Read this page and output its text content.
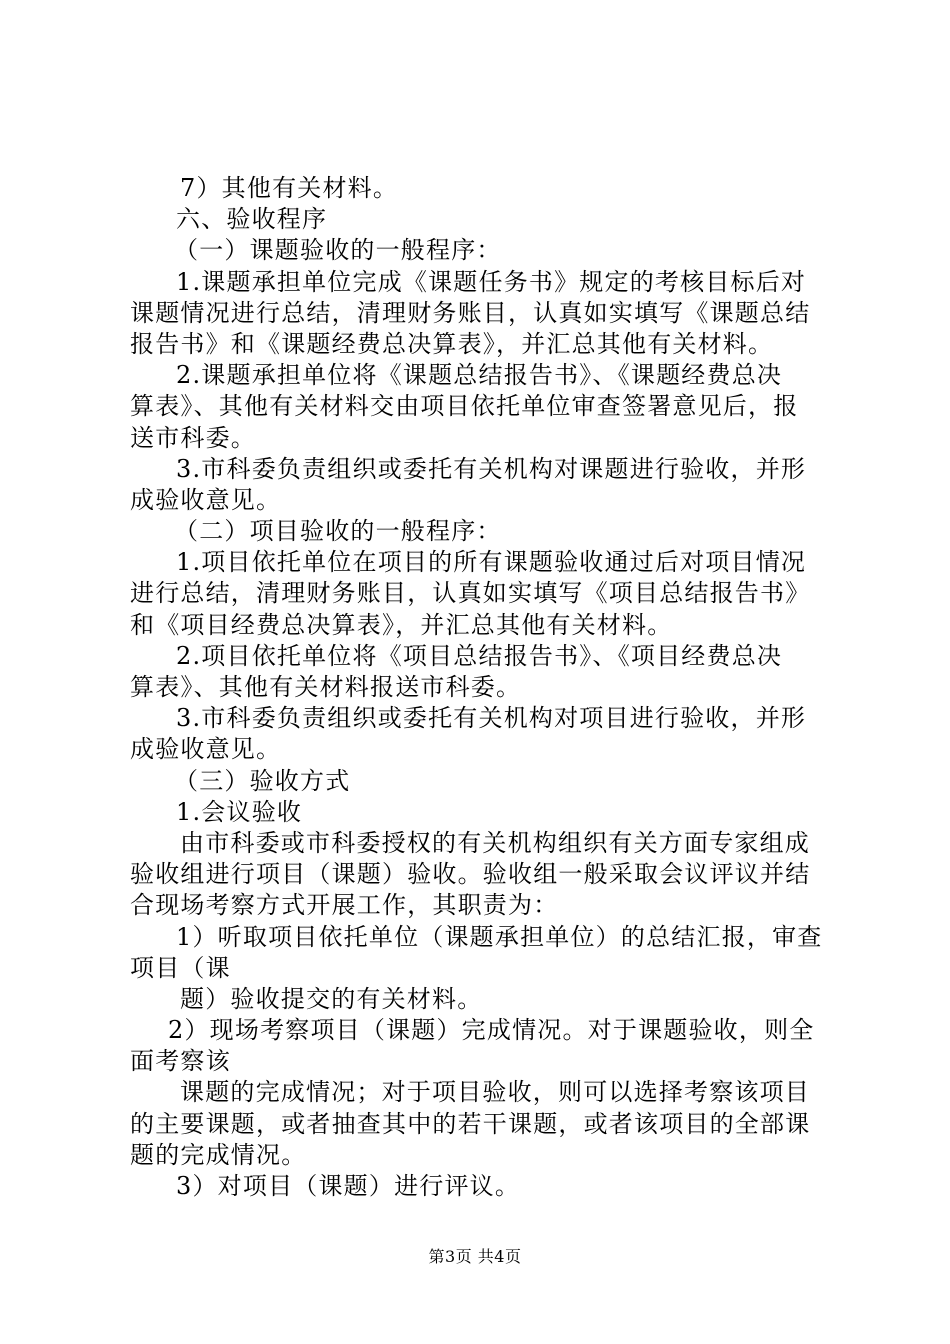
7）其他有关材料。
六、验收程序
（一）课题验收的一般程序：
1.课题承担单位完成《课题任务书》规定的考核目标后对
课题情况进行总结，清理财务账目，认真如实填写《课题总结
报告书》和《课题经费总决算表》，并汇总其他有关材料。
2.课题承担单位将《课题总结报告书》、《课题经费总决
算表》、其他有关材料交由项目依托单位审查签署意见后，报
送市科委。
3.市科委负责组织或委托有关机构对课题进行验收，并形
成验收意见。
（二）项目验收的一般程序：
1.项目依托单位在项目的所有课题验收通过后对项目情况
进行总结，清理财务账目，认真如实填写《项目总结报告书》
和《项目经费总决算表》，并汇总其他有关材料。
2.项目依托单位将《项目总结报告书》、《项目经费总决
算表》、其他有关材料报送市科委。
3.市科委负责组织或委托有关机构对项目进行验收，并形
成验收意见。
（三）验收方式
1.会议验收
由市科委或市科委授权的有关机构组织有关方面专家组成
验收组进行项目（课题）验收。验收组一般采取会议评议并结
合现场考察方式开展工作，其职责为：
1）听取项目依托单位（课题承担单位）的总结汇报，审查
项目（课
题）验收提交的有关材料。
2）现场考察项目（课题）完成情况。对于课题验收，则全
面考察该
课题的完成情况；对于项目验收，则可以选择考察该项目
的主要课题，或者抽查其中的若干课题，或者该项目的全部课
题的完成情况。
3）对项目（课题）进行评议。
第3页 共4页
